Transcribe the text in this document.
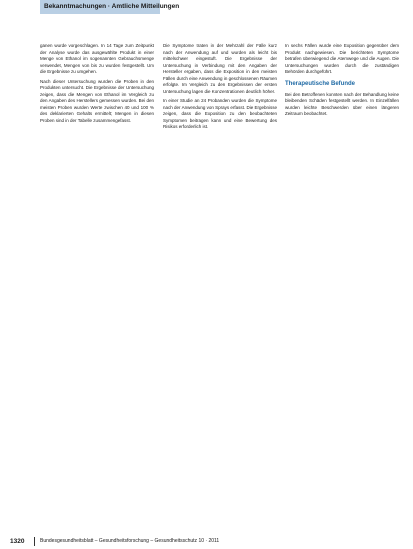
Bekanntmachungen · Amtliche Mitteilungen

ganen wurde vorgeschlagen. In 14 Tage zum Zeitpunkt der Analyse wurde das ausgewählte Produkt in einer Menge von Ethanol im sogenannten Gebrauchsmenge verwendet, Mengen von bis zu wurden festgestellt. Um die Ergebnisse zu umgehen.

Nach dieser Untersuchung wurden die Proben in den Produkten untersucht. Die Ergebnisse der Untersuchung zeigen, dass die Mengen von Ethanol im Vergleich zu den Angaben des Herstellers gemessen wurden. Bei den meisten Proben wurden Werte zwischen 40 und 100 % des deklarierten Gehalts ermittelt; Mengen in diesen Proben sind in der Tabelle zusammengefasst.

Die Symptome traten in der Mehrzahl der Fälle kurz nach der Anwendung auf und wurden als leicht bis mittelschwer eingestuft. Die Ergebnisse der Untersuchung in Verbindung mit den Angaben der Hersteller ergaben, dass die Exposition in den meisten Fällen durch eine Anwendung in geschlossenen Räumen erfolgte. Im Vergleich zu den Ergebnissen der ersten Untersuchung lagen die Konzentrationen deutlich höher.

In einer Studie an 24 Probanden wurden die Symptome nach der Anwendung von Sprays erfasst. Die Ergebnisse zeigen, dass die Exposition zu den beobachteten Symptomen beitragen kann und eine Bewertung des Risikos erforderlich ist.

In sechs Fällen wurde eine Exposition gegenüber dem Produkt nachgewiesen. Die berichteten Symptome betrafen überwiegend die Atemwege und die Augen. Die Untersuchungen wurden durch die zuständigen Behörden durchgeführt.

Therapeutische Befunde

Bei den Betroffenen konnten nach der Behandlung keine bleibenden Schäden festgestellt werden. In Einzelfällen wurden leichte Beschwerden über einen längeren Zeitraum beobachtet.

1320	Bundesgesundheitsblatt – Gesundheitsforschung – Gesundheitsschutz 10 · 2011
